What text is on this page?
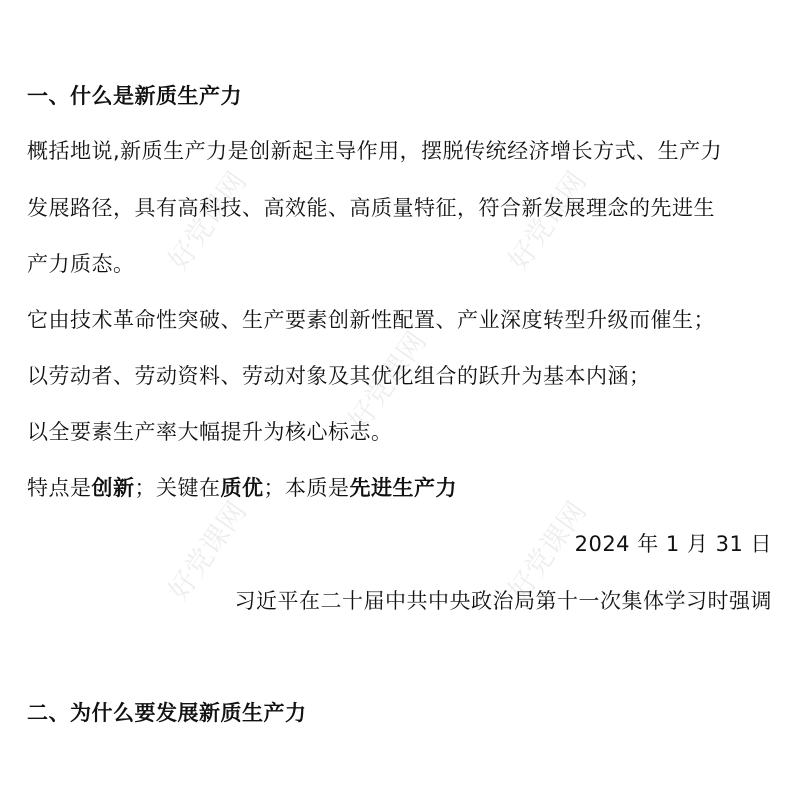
好党课网	好党课网
好党课网
好党课网	好党课网
一、什么是新质生产力
概括地说,新质生产力是创新起主导作用，摆脱传统经济增长方式、生产力
发展路径，具有高科技、高效能、高质量特征，符合新发展理念的先进生
产力质态。
它由技术革命性突破、生产要素创新性配置、产业深度转型升级而催生；
以劳动者、劳动资料、劳动对象及其优化组合的跃升为基本内涵；
以全要素生产率大幅提升为核心标志。
特点是创新；关键在质优；本质是先进生产力
2024 年 1 月 31 日
习近平在二十届中共中央政治局第十一次集体学习时强调
二、为什么要发展新质生产力
